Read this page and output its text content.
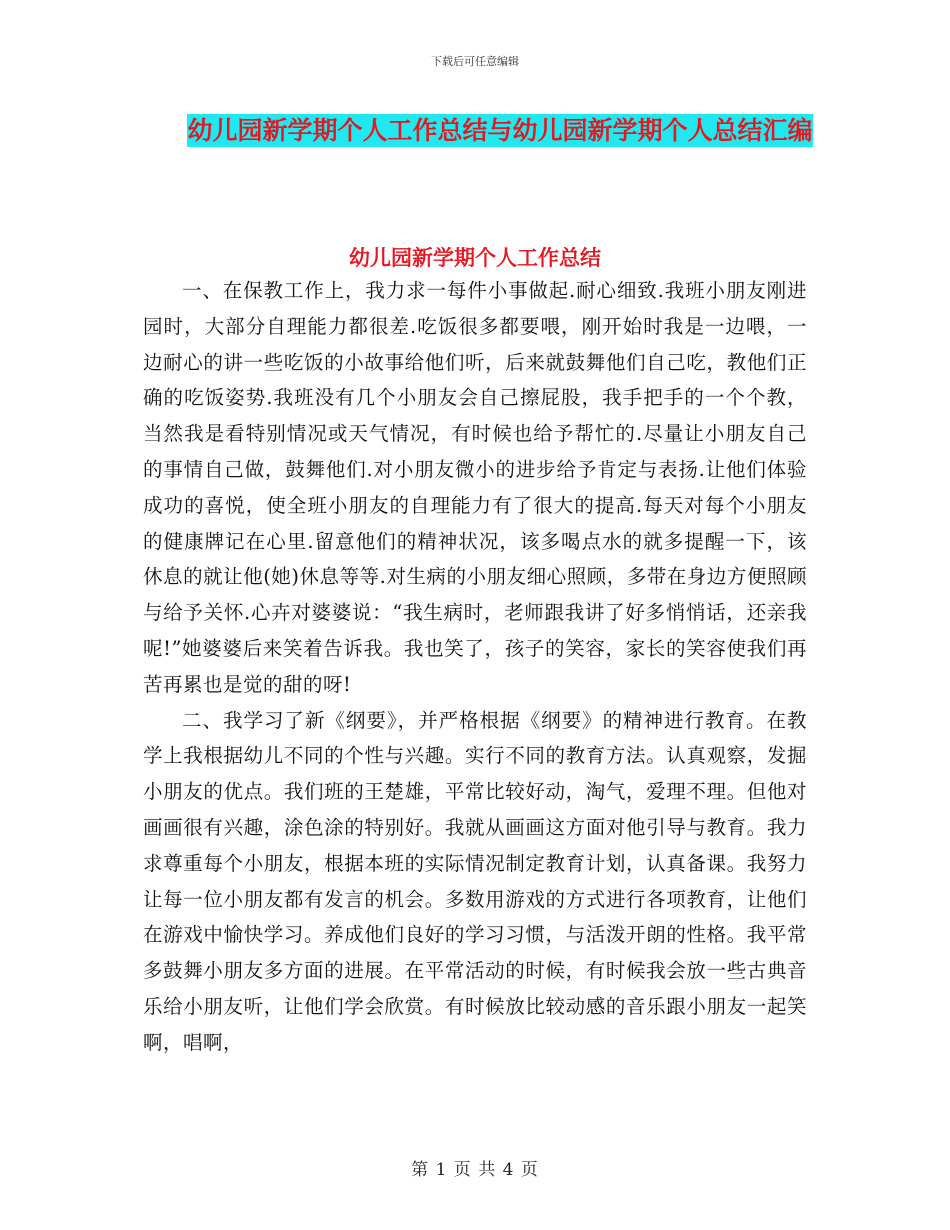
下载后可任意编辑
幼儿园新学期个人工作总结与幼儿园新学期个人总结汇编
幼儿园新学期个人工作总结

一、在保教工作上，我力求一每件小事做起.耐心细致.我班小朋友刚进园时，大部分自理能力都很差.吃饭很多都要喂，刚开始时我是一边喂，一边耐心的讲一些吃饭的小故事给他们听，后来就鼓舞他们自己吃，教他们正确的吃饭姿势.我班没有几个小朋友会自己擦屁股，我手把手的一个个教，当然我是看特别情况或天气情况，有时候也给予帮忙的.尽量让小朋友自己的事情自己做，鼓舞他们.对小朋友微小的进步给予肯定与表扬.让他们体验成功的喜悦，使全班小朋友的自理能力有了很大的提高.每天对每个小朋友的健康牌记在心里.留意他们的精神状况，该多喝点水的就多提醒一下，该休息的就让他(她)休息等等.对生病的小朋友细心照顾，多带在身边方便照顾与给予关怀.心卉对婆婆说：“我生病时，老师跟我讲了好多悄悄话，还亲我呢!”她婆婆后来笑着告诉我。我也笑了，孩子的笑容，家长的笑容使我们再苦再累也是觉的甜的呀!

二、我学习了新《纲要》，并严格根据《纲要》的精神进行教育。在教学上我根据幼儿不同的个性与兴趣。实行不同的教育方法。认真观察，发掘小朋友的优点。我们班的王楚雄，平常比较好动，淘气，爱理不理。但他对画画很有兴趣，涂色涂的特别好。我就从画画这方面对他引导与教育。我力求尊重每个小朋友，根据本班的实际情况制定教育计划，认真备课。我努力让每一位小朋友都有发言的机会。多数用游戏的方式进行各项教育，让他们在游戏中愉快学习。养成他们良好的学习习惯，与活泼开朗的性格。我平常多鼓舞小朋友多方面的进展。在平常活动的时候，有时候我会放一些古典音乐给小朋友听，让他们学会欣赏。有时候放比较动感的音乐跟小朋友一起笑啊，唱啊，

第 1 页 共 4 页
